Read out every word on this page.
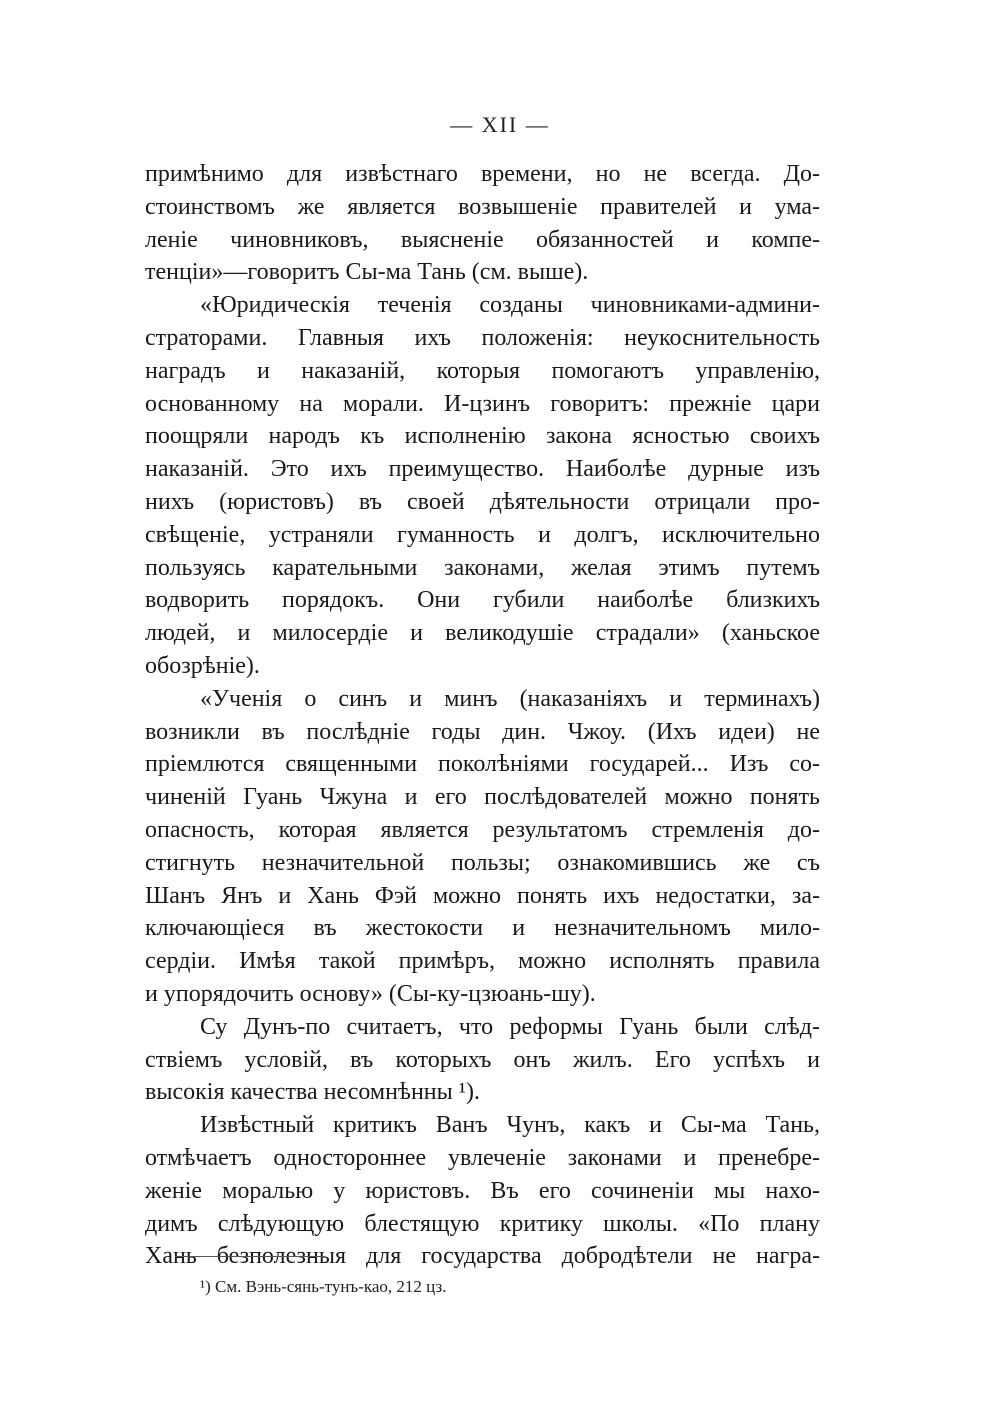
— XII —
примѣнимо для извѣстнаго времени, но не всегда. До-
стоинствомъ же является возвышеніе правителей и ума-
леніе чиновниковъ, выясненіе обязанностей и компе-
тенціи»—говоритъ Сы-ма Тань (см. выше).
«Юридическія теченія созданы чиновниками-админи-
страторами. Главныя ихъ положенія: неукоснительность
наградъ и наказаній, которыя помогаютъ управленію,
основанному на морали. И-цзинъ говоритъ: прежніе цари
поощряли народъ къ исполненію закона ясностью своихъ
наказаній. Это ихъ преимущество. Наиболѣе дурные изъ
нихъ (юристовъ) въ своей дѣятельности отрицали про-
свѣщеніе, устраняли гуманность и долгъ, исключительно
пользуясь карательными законами, желая этимъ путемъ
водворить порядокъ. Они губили наиболѣе близкихъ
людей, и милосердіе и великодушіе страдали» (ханьское
обозрѣніе).
«Ученія о синъ и минъ (наказаніяхъ и терминахъ)
возникли въ послѣдніе годы дин. Чжоу. (Ихъ идеи) не
пріемлются священными поколѣніями государей... Изъ со-
чиненій Гуань Чжуна и его послѣдователей можно понять
опасность, которая является результатомъ стремленія до-
стигнуть незначительной пользы; ознакомившись же съ
Шанъ Янъ и Хань Фэй можно понять ихъ недостатки, за-
ключающіеся въ жестокости и незначительномъ мило-
сердіи. Имѣя такой примѣръ, можно исполнять правила
и упорядочить основу» (Сы-ку-цзюань-шу).
Су Дунъ-по считаетъ, что реформы Гуань были слѣд-
ствіемъ условій, въ которыхъ онъ жилъ. Его успѣхъ и
высокія качества несомнѣнны ¹).
Извѣстный критикъ Ванъ Чунъ, какъ и Сы-ма Тань,
отмѣчаетъ одностороннее увлеченіе законами и пренебре-
женіе моралью у юристовъ. Въ его сочиненіи мы нахо-
димъ слѣдующую блестящую критику школы. «По плану
Хань безполезныя для государства добродѣтели не награ-
¹) См. Вэнь-сянь-тунъ-као, 212 цз.
